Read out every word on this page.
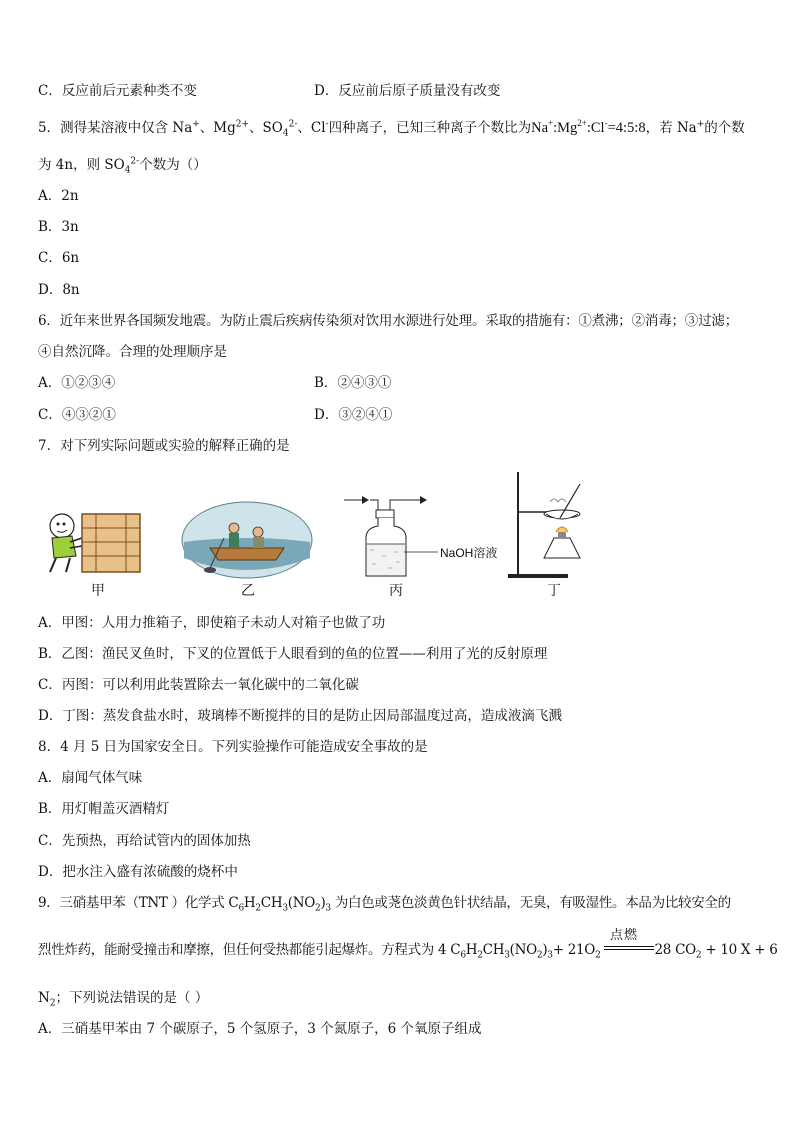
C．反应前后元素种类不变	D．反应前后原子质量没有改变
5．测得某溶液中仅含 Na+、$Mg^{2+}$、$SO_4^{2-}$、Cl-四种离子，已知三种离子个数比为$Na^+:Mg^{2+}:Cl^-=4:5:8$，若 Na+的个数
为 4n，则 $SO_4^{2-}$个数为（）
A．2n
B．3n
C．6n
D．8n
6．近年来世界各国频发地震。为防止震后疾病传染须对饮用水源进行处理。采取的措施有：①煮沸；②消毒；③过滤；
④自然沉降。合理的处理顺序是
A．①②③④	B．②④③①
C．④③②①	D．③②④①
7．对下列实际问题或实验的解释正确的是
甲	乙
NaOH溶液
丙	丁
A．甲图：人用力推箱子，即使箱子未动人对箱子也做了功
B．乙图：渔民叉鱼时，下叉的位置低于人眼看到的鱼的位置——利用了光的反射原理
C．丙图：可以利用此装置除去一氧化碳中的二氧化碳
D．丁图：蒸发食盐水时，玻璃棒不断搅拌的目的是防止因局部温度过高，造成液滴飞溅
8．4 月 5 日为国家安全日。下列实验操作可能造成安全事故的是
A．扇闻气体气味
B．用灯帽盖灭酒精灯
C．先预热，再给试管内的固体加热
D．把水注入盛有浓硫酸的烧杯中
9．三硝基甲苯（TNT ）化学式 $C_6H_2CH_3(NO_2)_3$ 为白色或荛色淡黄色针状结晶，无臭，有吸湿性。本品为比较安全的
烈性炸药，能耐受撞击和摩擦，但任何受热都能引起爆炸。方程式为 4 $C_6H_2CH_3(NO_2)_3+ 21O_2$	28 $CO_2 + 10$ X + 6
点燃
$N_2$；下列说法错误的是（ ）
A．三硝基甲苯由 7 个碳原子，5 个氢原子，3 个氮原子，6 个氧原子组成
